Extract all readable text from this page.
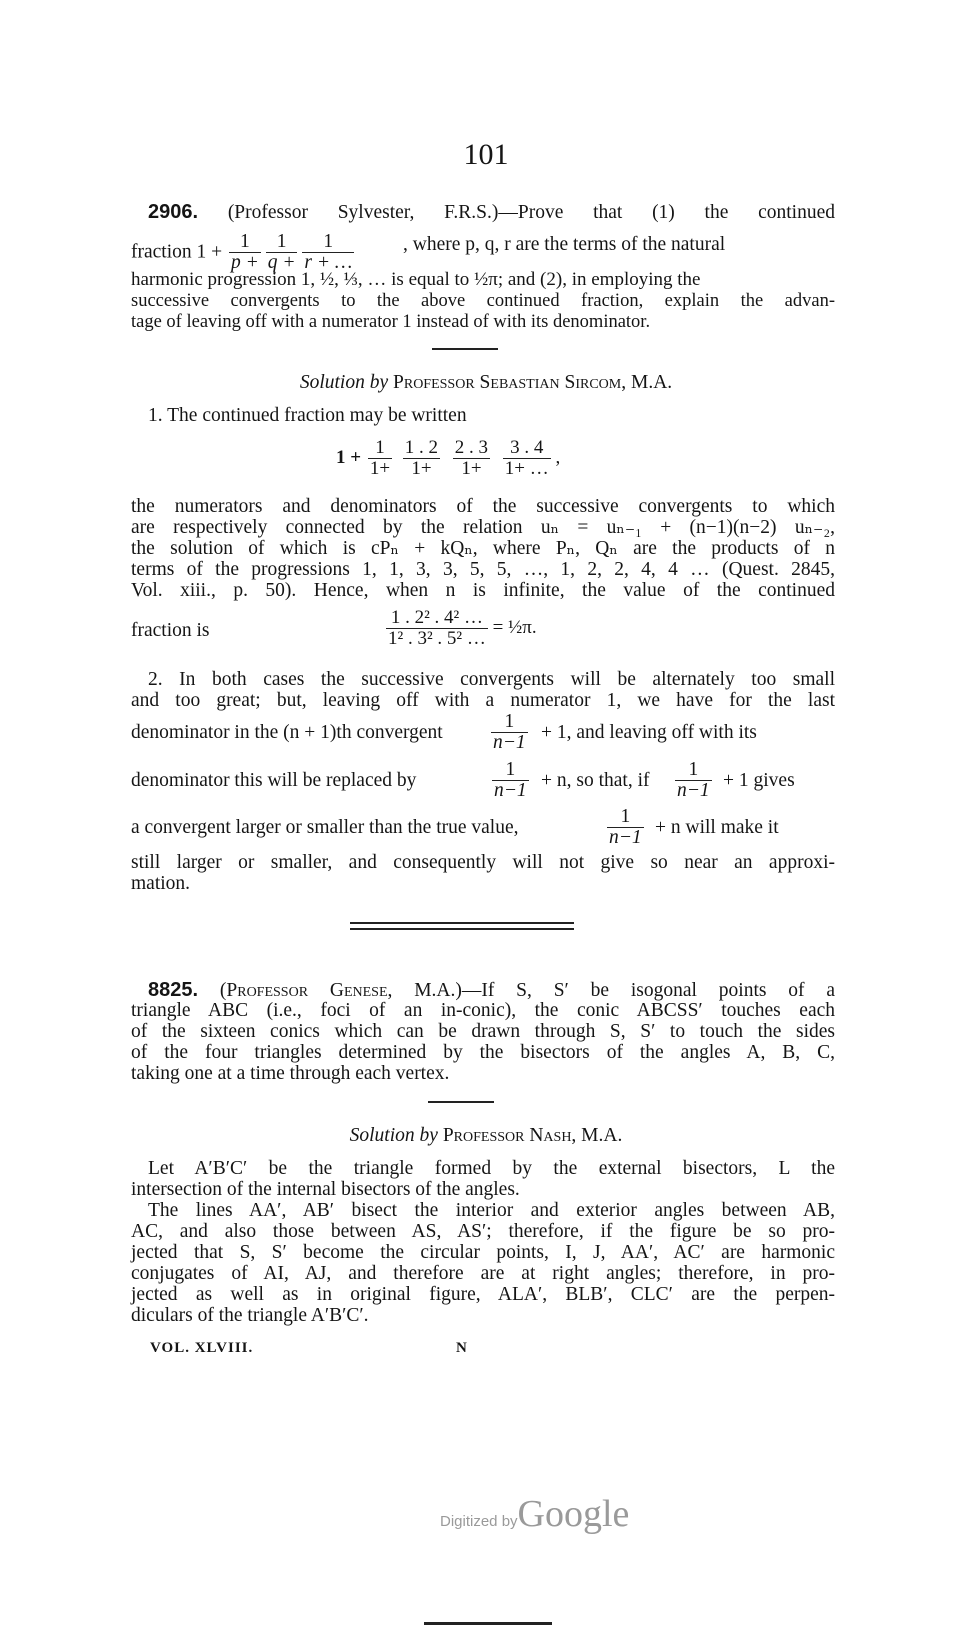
101
2906. (Professor Sylvester, F.R.S.)—Prove that (1) the continued
fraction $1 + \frac{1}{p +}$
$\frac{1}{q +}$
$\frac{1}{r + \dots}$	, where p, q, r are the terms of the natural
harmonic progression 1, ½, ⅓, … is equal to ½π; and (2), in employing the
successive convergents to the above continued fraction, explain the advan-
tage of leaving off with a numerator 1 instead of with its denominator.
Solution by Professor Sebastian Sircom, M.A.
1. The continued fraction may be written
$1 + \frac{1}{1+}$
$\frac{1 . 2}{1+}$
$\frac{2 . 3}{1+}$
$\frac{3 . 4}{1+ \dots}$ ,
the numerators and denominators of the successive convergents to which
are respectively connected by the relation uₙ = uₙ₋₁ + (n−1)(n−2) uₙ₋₂,
the solution of which is cPₙ + kQₙ, where Pₙ, Qₙ are the products of n
terms of the progressions 1, 1, 3, 3, 5, 5, …, 1, 2, 2, 4, 4 … (Quest. 2845,
Vol. xiii., p. 50). Hence, when n is infinite, the value of the continued
fraction is	$\frac{\text{1 . 2² . 4² …}}{\text{1² . 3² . 5² …}}$ = ½π.
2. In both cases the successive convergents will be alternately too small
and too great; but, leaving off with a numerator 1, we have for the last
denominator in the (n + 1)th convergent $\frac{1}{n-1} + 1$, and leaving off with its
denominator this will be replaced by	$\frac{1}{n-1} + n$, so that, if $\frac{1}{n-1} + 1$ gives
a convergent larger or smaller than the true value,	$\frac{1}{n-1} + n$ will make it
still larger or smaller, and consequently will not give so near an approxi-
mation.
8825. (Professor Genese, M.A.)—If S, S′ be isogonal points of a
triangle ABC (i.e., foci of an in-conic), the conic ABCSS′ touches each
of the sixteen conics which can be drawn through S, S′ to touch the sides
of the four triangles determined by the bisectors of the angles A, B, C,
taking one at a time through each vertex.
Solution by Professor Nash, M.A.
Let A′B′C′ be the triangle formed by the external bisectors, L the
intersection of the internal bisectors of the angles.
The lines AA′, AB′ bisect the interior and exterior angles between AB,
AC, and also those between AS, AS′; therefore, if the figure be so pro-
jected that S, S′ become the circular points, I, J, AA′, AC′ are harmonic
conjugates of AI, AJ, and therefore are at right angles; therefore, in pro-
jected as well as in original figure, ALA′, BLB′, CLC′ are the perpen-
diculars of the triangle A′B′C′.
VOL. XLVIII.	N
Digitized byGoogle
